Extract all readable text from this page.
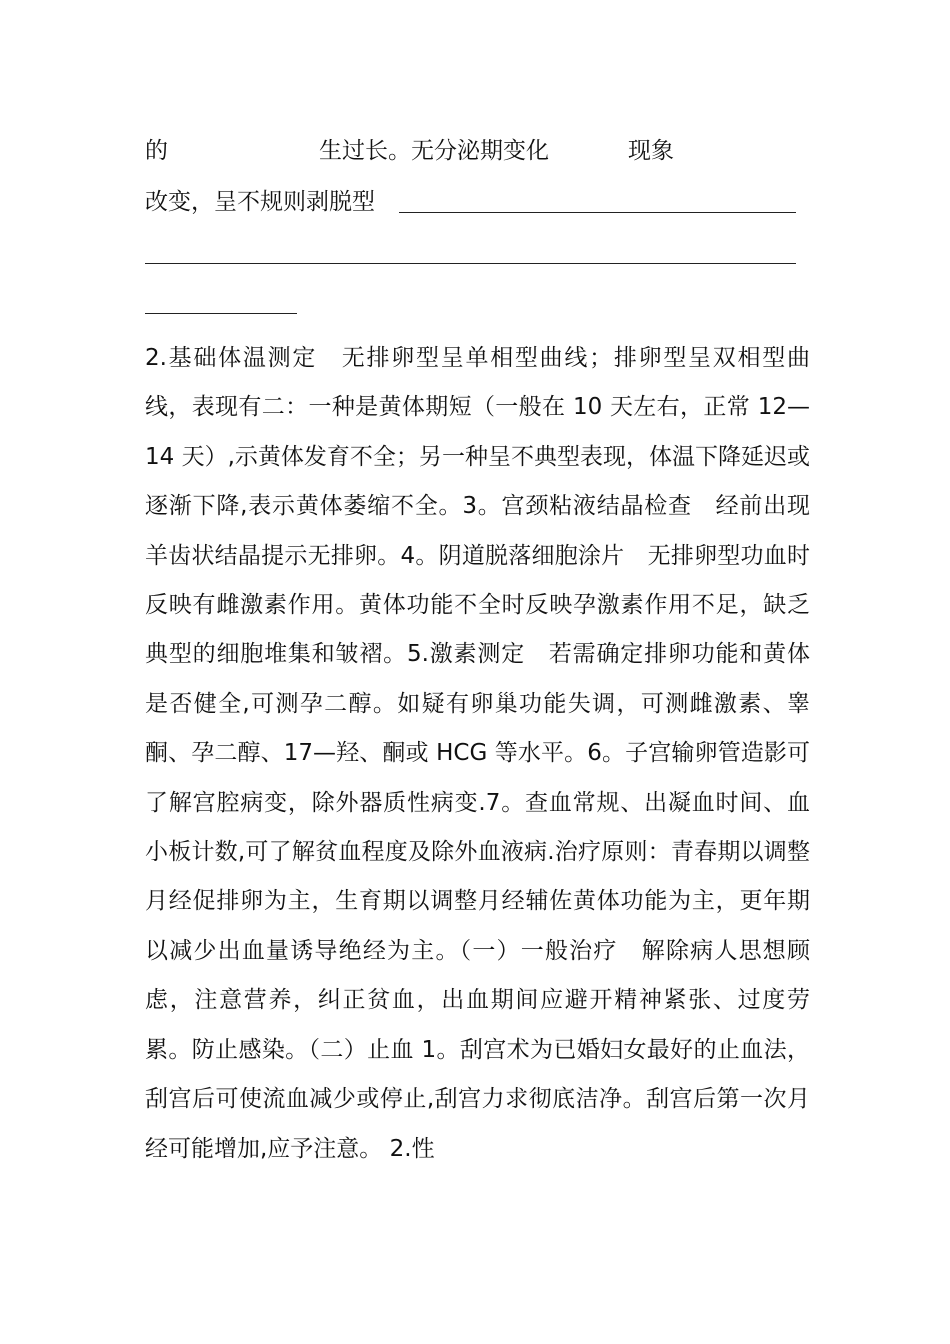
的	生过长。无分泌期变化	现象
改变，呈不规则剥脱型
2.基础体温测定　无排卵型呈单相型曲线；排卵型呈双相型曲线，表现有二：一种是黄体期短（一般在 10 天左右，正常 12—14 天）,示黄体发育不全；另一种呈不典型表现，体温下降延迟或逐渐下降,表示黄体萎缩不全。3。宫颈粘液结晶检查　经前出现羊齿状结晶提示无排卵。4。阴道脱落细胞涂片　无排卵型功血时反映有雌激素作用。黄体功能不全时反映孕激素作用不足，缺乏典型的细胞堆集和皱褶。5.激素测定　若需确定排卵功能和黄体是否健全,可测孕二醇。如疑有卵巢功能失调，可测雌激素、睾酮、孕二醇、17—羟、酮或 HCG 等水平。6。子宫输卵管造影可了解宫腔病变，除外器质性病变.7。查血常规、出凝血时间、血小板计数,可了解贫血程度及除外血液病.治疗原则：青春期以调整月经促排卵为主，生育期以调整月经辅佐黄体功能为主，更年期以减少出血量诱导绝经为主。（一）一般治疗　解除病人思想顾虑，注意营养，纠正贫血，出血期间应避开精神紧张、过度劳累。防止感染。（二）止血 1。刮宫术为已婚妇女最好的止血法，刮宫后可使流血减少或停止,刮宫力求彻底洁净。刮宫后第一次月经可能增加,应予注意。 2.性
